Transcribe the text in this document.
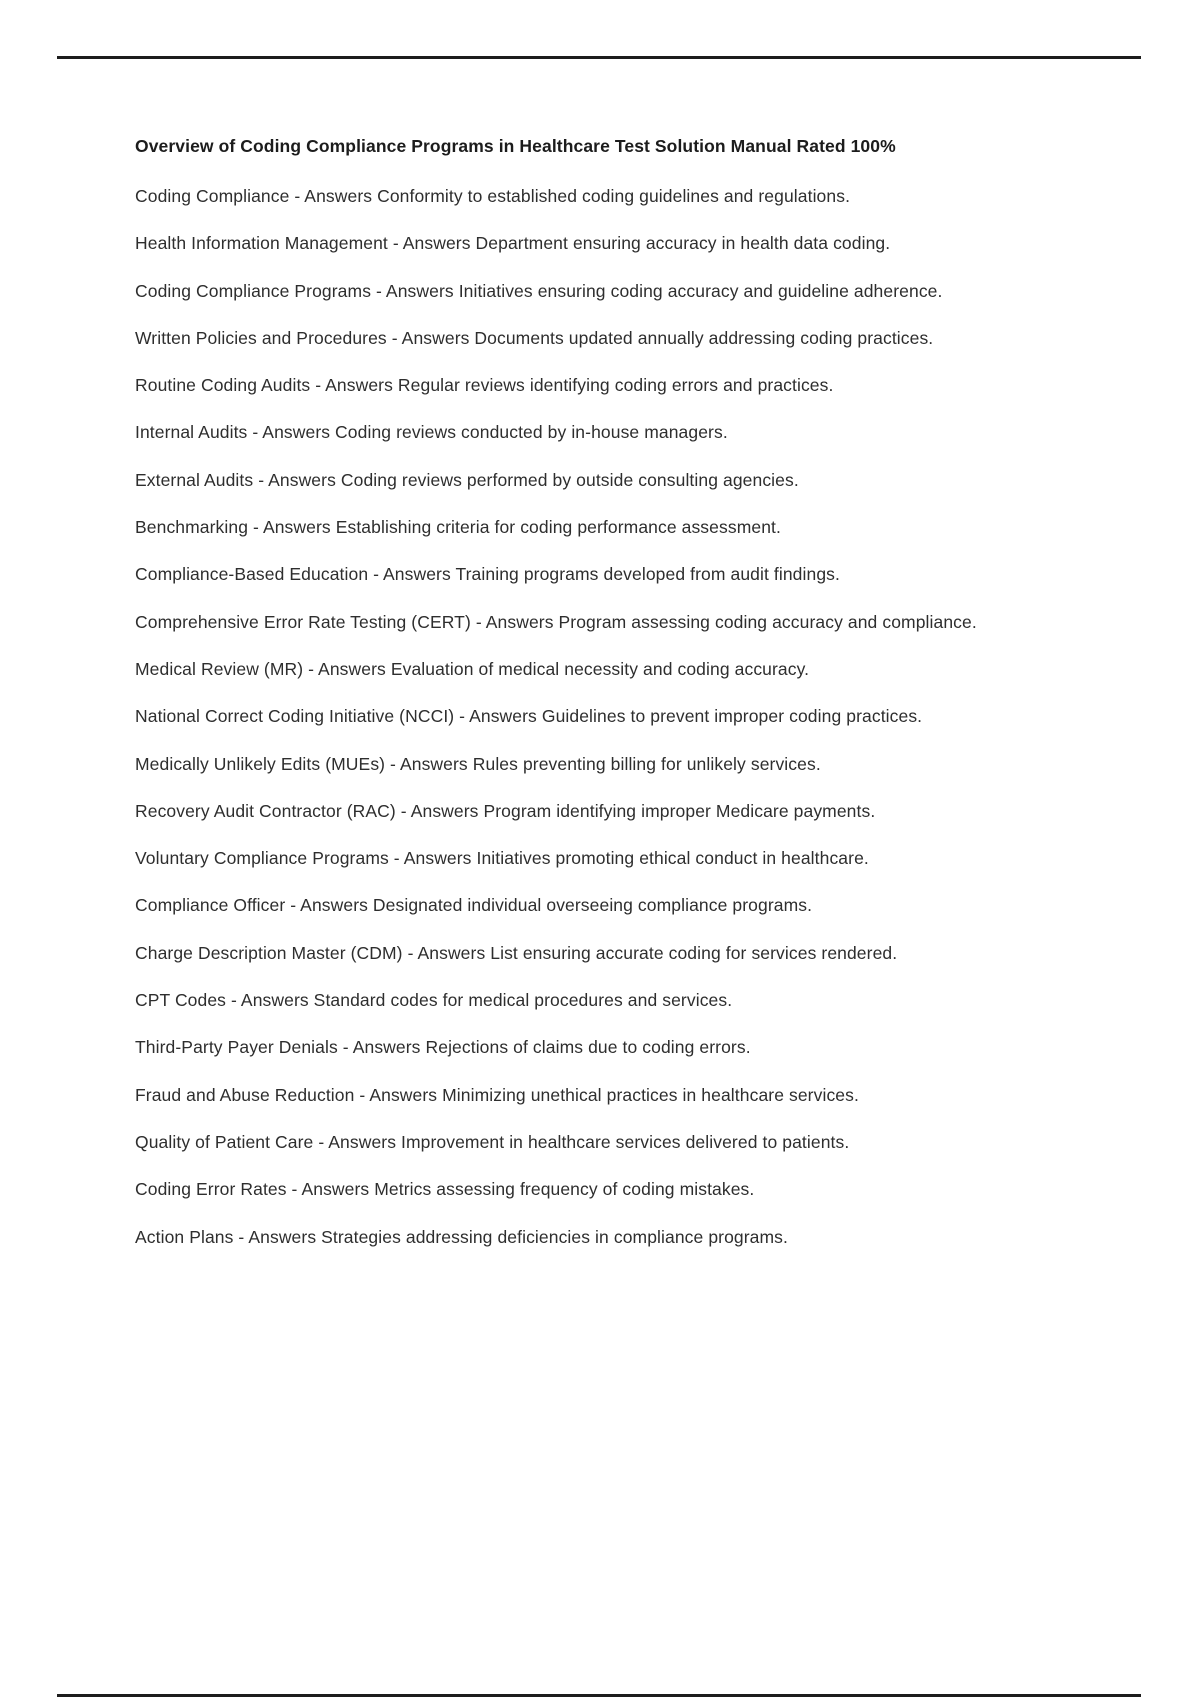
Overview of Coding Compliance Programs in Healthcare Test Solution Manual Rated 100%

Coding Compliance - Answers Conformity to established coding guidelines and regulations.

Health Information Management - Answers Department ensuring accuracy in health data coding.

Coding Compliance Programs - Answers Initiatives ensuring coding accuracy and guideline adherence.

Written Policies and Procedures - Answers Documents updated annually addressing coding practices.

Routine Coding Audits - Answers Regular reviews identifying coding errors and practices.

Internal Audits - Answers Coding reviews conducted by in-house managers.

External Audits - Answers Coding reviews performed by outside consulting agencies.

Benchmarking - Answers Establishing criteria for coding performance assessment.

Compliance-Based Education - Answers Training programs developed from audit findings.

Comprehensive Error Rate Testing (CERT) - Answers Program assessing coding accuracy and compliance.

Medical Review (MR) - Answers Evaluation of medical necessity and coding accuracy.

National Correct Coding Initiative (NCCI) - Answers Guidelines to prevent improper coding practices.

Medically Unlikely Edits (MUEs) - Answers Rules preventing billing for unlikely services.

Recovery Audit Contractor (RAC) - Answers Program identifying improper Medicare payments.

Voluntary Compliance Programs - Answers Initiatives promoting ethical conduct in healthcare.

Compliance Officer - Answers Designated individual overseeing compliance programs.

Charge Description Master (CDM) - Answers List ensuring accurate coding for services rendered.

CPT Codes - Answers Standard codes for medical procedures and services.

Third-Party Payer Denials - Answers Rejections of claims due to coding errors.

Fraud and Abuse Reduction - Answers Minimizing unethical practices in healthcare services.

Quality of Patient Care - Answers Improvement in healthcare services delivered to patients.

Coding Error Rates - Answers Metrics assessing frequency of coding mistakes.

Action Plans - Answers Strategies addressing deficiencies in compliance programs.
